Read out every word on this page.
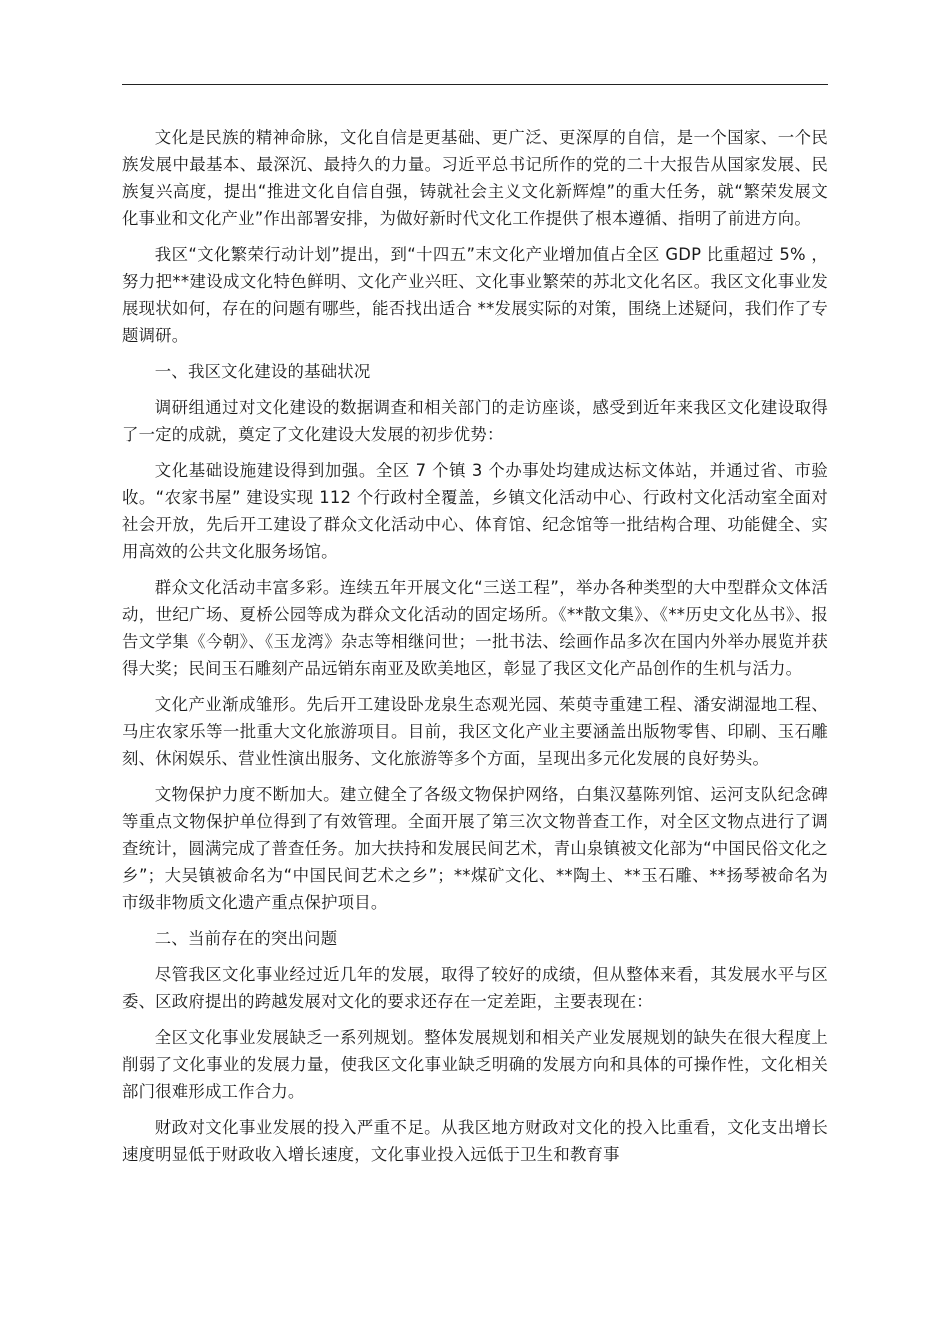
文化是民族的精神命脉，文化自信是更基础、更广泛、更深厚的自信，是一个国家、一个民族发展中最基本、最深沉、最持久的力量。习近平总书记所作的党的二十大报告从国家发展、民族复兴高度，提出“推进文化自信自强，铸就社会主义文化新辉煌”的重大任务，就“繁荣发展文化事业和文化产业”作出部署安排，为做好新时代文化工作提供了根本遵循、指明了前进方向。

我区“文化繁荣行动计划”提出，到“十四五”末文化产业增加值占全区 GDP 比重超过 5% ，努力把**建设成文化特色鲜明、文化产业兴旺、文化事业繁荣的苏北文化名区。我区文化事业发展现状如何，存在的问题有哪些，能否找出适合 **发展实际的对策，围绕上述疑问，我们作了专题调研。

一、我区文化建设的基础状况

调研组通过对文化建设的数据调查和相关部门的走访座谈，感受到近年来我区文化建设取得了一定的成就，奠定了文化建设大发展的初步优势：

文化基础设施建设得到加强。全区 7 个镇 3 个办事处均建成达标文体站，并通过省、市验收。“农家书屋” 建设实现 112 个行政村全覆盖，乡镇文化活动中心、行政村文化活动室全面对社会开放，先后开工建设了群众文化活动中心、体育馆、纪念馆等一批结构合理、功能健全、实用高效的公共文化服务场馆。

群众文化活动丰富多彩。连续五年开展文化“三送工程”，举办各种类型的大中型群众文体活动，世纪广场、夏桥公园等成为群众文化活动的固定场所。《**散文集》、《**历史文化丛书》、报告文学集《今朝》、《玉龙湾》杂志等相继问世；一批书法、绘画作品多次在国内外举办展览并获得大奖；民间玉石雕刻产品远销东南亚及欧美地区，彰显了我区文化产品创作的生机与活力。

文化产业渐成雏形。先后开工建设卧龙泉生态观光园、茱萸寺重建工程、潘安湖湿地工程、马庄农家乐等一批重大文化旅游项目。目前，我区文化产业主要涵盖出版物零售、印刷、玉石雕刻、休闲娱乐、营业性演出服务、文化旅游等多个方面，呈现出多元化发展的良好势头。

文物保护力度不断加大。建立健全了各级文物保护网络，白集汉墓陈列馆、运河支队纪念碑等重点文物保护单位得到了有效管理。全面开展了第三次文物普查工作，对全区文物点进行了调查统计，圆满完成了普查任务。加大扶持和发展民间艺术，青山泉镇被文化部为“中国民俗文化之乡”；大吴镇被命名为“中国民间艺术之乡”；**煤矿文化、**陶土、**玉石雕、**扬琴被命名为市级非物质文化遗产重点保护项目。

二、当前存在的突出问题

尽管我区文化事业经过近几年的发展，取得了较好的成绩，但从整体来看，其发展水平与区委、区政府提出的跨越发展对文化的要求还存在一定差距，主要表现在：

全区文化事业发展缺乏一系列规划。整体发展规划和相关产业发展规划的缺失在很大程度上削弱了文化事业的发展力量，使我区文化事业缺乏明确的发展方向和具体的可操作性，文化相关部门很难形成工作合力。

财政对文化事业发展的投入严重不足。从我区地方财政对文化的投入比重看，文化支出增长速度明显低于财政收入增长速度，文化事业投入远低于卫生和教育事
